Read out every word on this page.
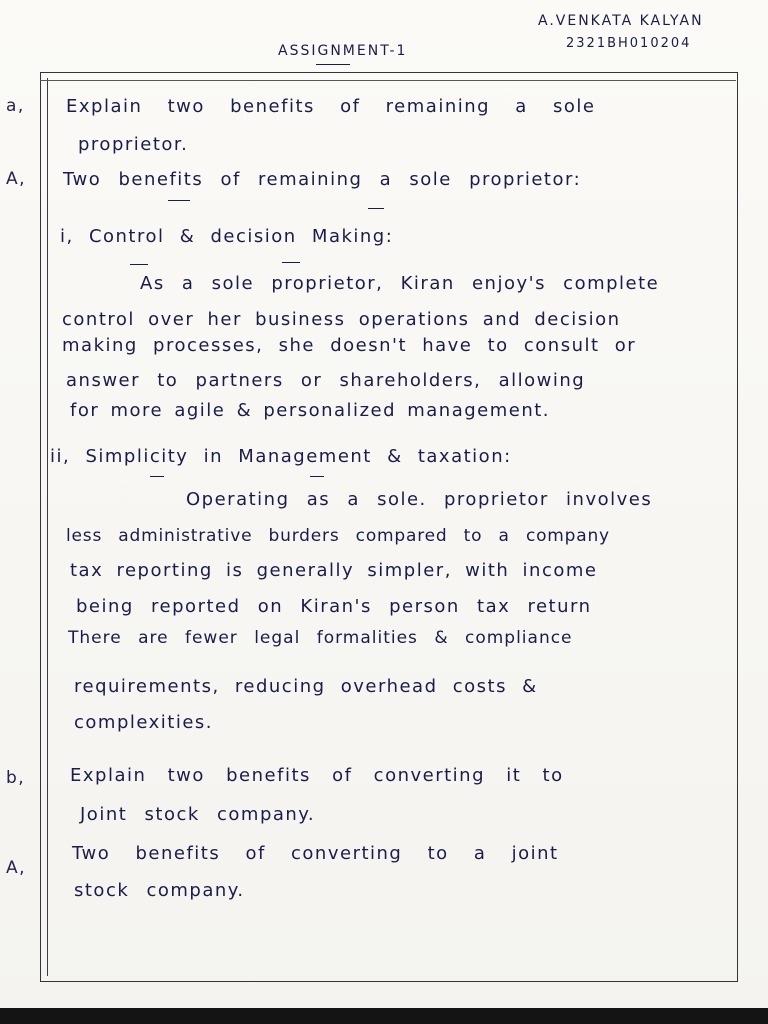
A.VENKATA KALYAN
2321BH010204
ASSIGNMENT-1
a,
A,
b,
A,
Explain two benefits of remaining a sole
proprietor.
Two benefits of remaining a sole proprietor:
i, Control & decision Making:
As a sole proprietor, Kiran enjoy's complete
control over her business operations and decision
making processes, she doesn't have to consult or
answer to partners or shareholders, allowing
for more agile & personalized management.
ii, Simplicity in Management & taxation:
Operating as a sole. proprietor involves
less administrative burders compared to a company
tax reporting is generally simpler, with income
being reported on Kiran's person tax return
There are fewer legal formalities & compliance
requirements, reducing overhead costs &
complexities.
Explain two benefits of converting it to
Joint stock company.
Two benefits of converting to a joint
stock company.
